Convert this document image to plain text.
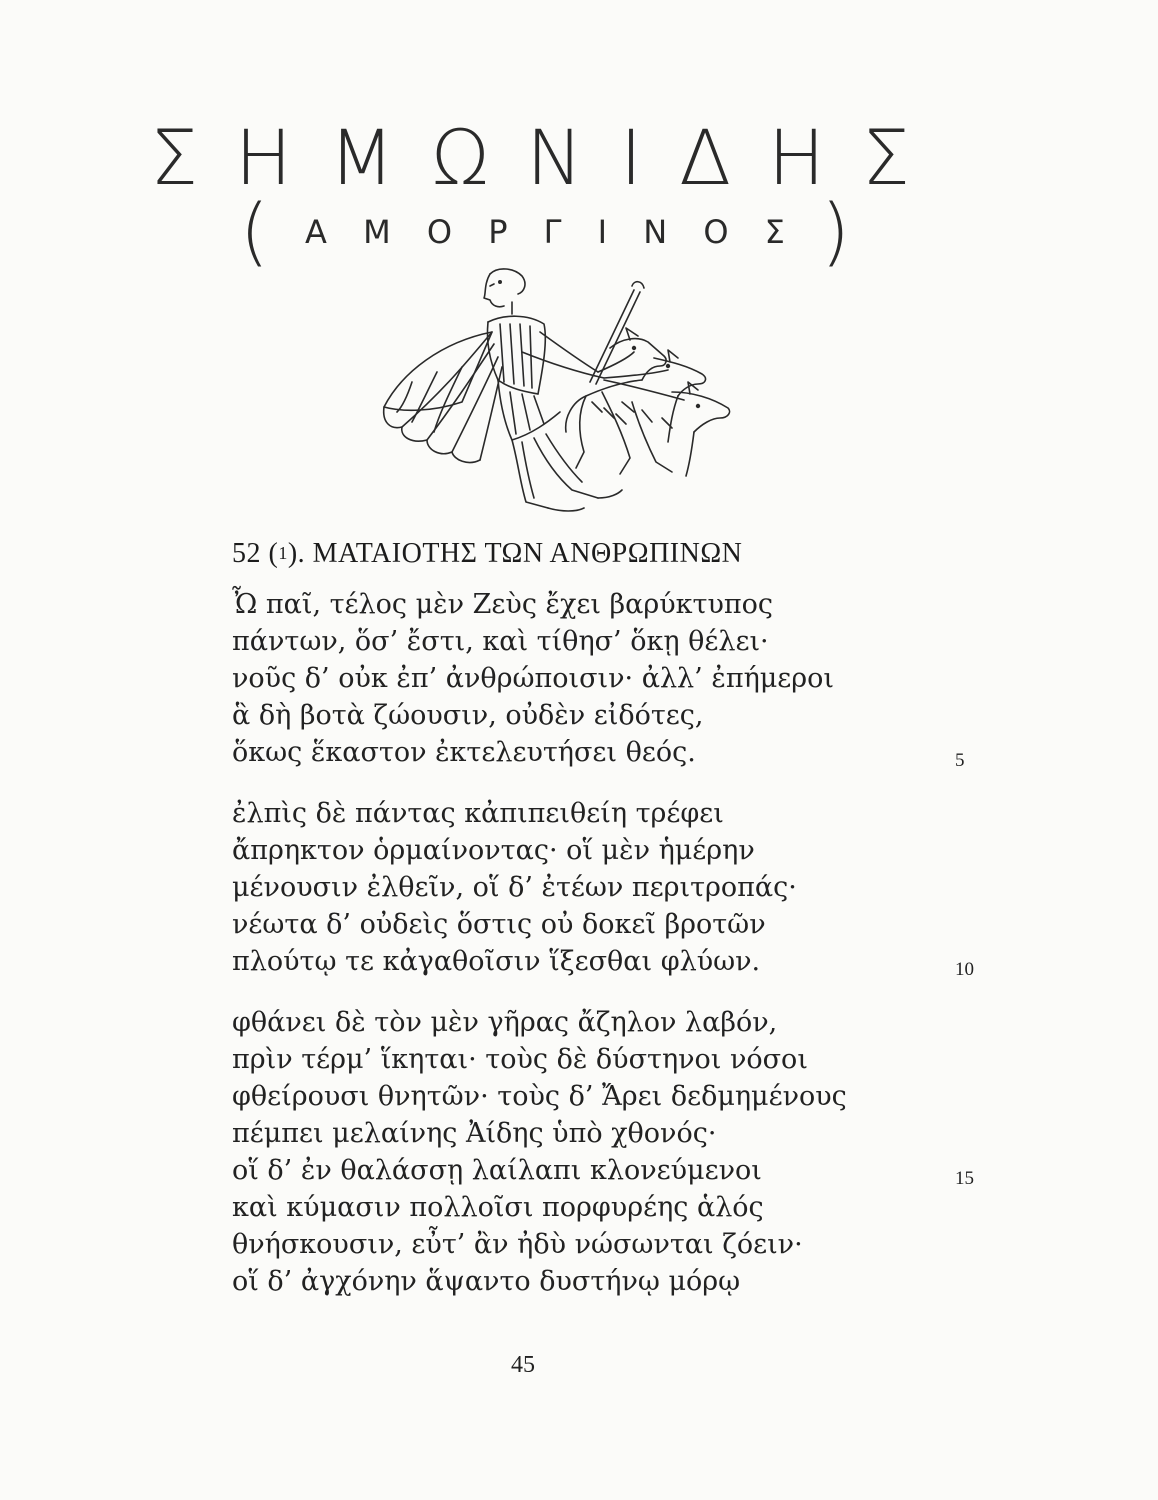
Σ Η Μ Ω Ν Ι Δ Η Σ
( Α Μ Ο Ρ Γ Ι Ν Ο Σ )
52 ($^1$). ΜΑΤΑΙΟΤΗΣ ΤΩΝ ΑΝΘΡΩΠΙΝΩΝ
Ὦ παῖ, τέλος μὲν Ζεὺς ἔχει βαρύκτυπος
πάντων, ὅσ’ ἔστι, καὶ τίθησ’ ὅκῃ θέλει·
νοῦς δ’ οὐκ ἐπ’ ἀνθρώποισιν· ἀλλ’ ἐπήμεροι
ἃ δὴ βοτὰ ζώουσιν, οὐδὲν εἰδότες,
ὅκως ἕκαστον ἐκτελευτήσει θεός.	5
ἐλπὶς δὲ πάντας κἀπιπειθείη τρέφει
ἄπρηκτον ὁρμαίνοντας· οἵ μὲν ἡμέρην
μένουσιν ἐλθεῖν, οἵ δ’ ἐτέων περιτροπάς·
νέωτα δ’ οὐδεὶς ὅστις οὐ δοκεῖ βροτῶν
πλούτῳ τε κἀγαθοῖσιν ἵξεσθαι φλύων.	10
φθάνει δὲ τὸν μὲν γῆρας ἄζηλον λαβόν,
πρὶν τέρμ’ ἵκηται· τοὺς δὲ δύστηνοι νόσοι
φθείρουσι θνητῶν· τοὺς δ’ Ἄρει δεδμημένους
πέμπει μελαίνης Ἀίδης ὑπὸ χθονός·
οἵ δ’ ἐν θαλάσσῃ λαίλαπι κλονεύμενοι
καὶ κύμασιν πολλοῖσι πορφυρέης ἁλός
θνήσκουσιν, εὖτ’ ἂν ἠδὺ νώσωνται ζόειν·
οἵ δ’ ἀγχόνην ἅψαντο δυστήνῳ μόρῳ
15
45
